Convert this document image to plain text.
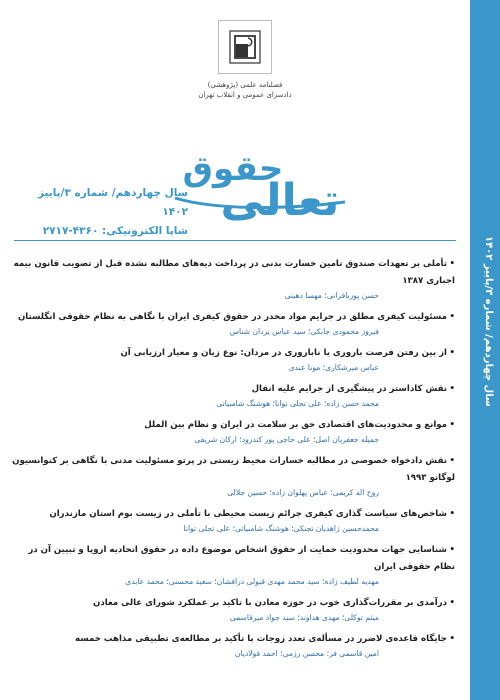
سال چهاردهم/ شماره ۳/پاییز ۱۴۰۲
فصلنامه علمی (پژوهشی)
دادسرای عمومی و انقلاب تهران
حقوق
تعالی
سال چهاردهم/ شماره ۳/پاییز ۱۴۰۲
شاپا الکترونیکی: ۴۳۶۰-۲۷۱۷
•تأملی بر تعهدات صندوق تامین خسارت بدنی در پرداخت دیه‌های مطالبه نشده قبل از تصویب قانون بیمه اجباری ۱۳۸۷
حسن پوربافرانی؛ مهسا دهینی
•مسئولیت کیفری مطلق در جرایم مواد مخدر در حقوق کیفری ایران با نگاهی به نظام حقوقی انگلستان
فیروز محمودی جانکی؛ سید عباس یزدان شناس
•از بین رفتن فرصت باروری یا ناباروری در مردان: نوع زیان و معیار ارزیابی آن
عباس میرشکاری؛ مونا عبدی
•نقش کاداستر در پیشگیری از جرایم علیه انفال
محمد حسن زاده؛ علی تجلی توانا؛ هوشنگ شامبیاتی
•موانع و محدودیت‌های اقتصادی حق بر سلامت در ایران و نظام بین الملل
جمیله جعفریان اصل؛ علی حاجی پور کندرود؛ ارکان شریفی
•نقش دادخواه خصوصی در مطالبه خسارات محیط زیستی در پرتو مسئولیت مدنی با نگاهی بر کنوانسیون لوگانو ۱۹۹۳
روح اله کریمی؛ عباس پهلوان زاده؛ حسین جلالی
•شاخص‌های سیاست گذاری کیفری جرائم زیست محیطی با تأملی در زیست بوم استان مازندران
محمدحسین زاهدیان تجنکی؛ هوشنگ شامبیاتی؛ علی تجلی توانا
•شناسایی جهات محدودیت حمایت از حقوق اشخاص موضوع داده در حقوق اتحادیه اروپا و تبیین آن در نظام حقوقی ایران
مهدیه لطیف زاده؛ سید محمد مهدی قبولی درافشان؛ سعید محسنی؛ محمد عابدی
•درآمدی بر مقررات‌گذاری خوب در حوزه معادن با تاکید بر عملکرد شورای عالی معادن
میثم توکلی؛ مهدی هداوند؛ سید جواد میرقاسمی
•جایگاه قاعده‌ی لاضرر در مسأله‌ی تعدد زوجات با تأکید بر مطالعه‌ی تطبیقی مذاهب خمسه
امین قاسمی فر؛ محسن رزمی؛ احمد فولادیان
